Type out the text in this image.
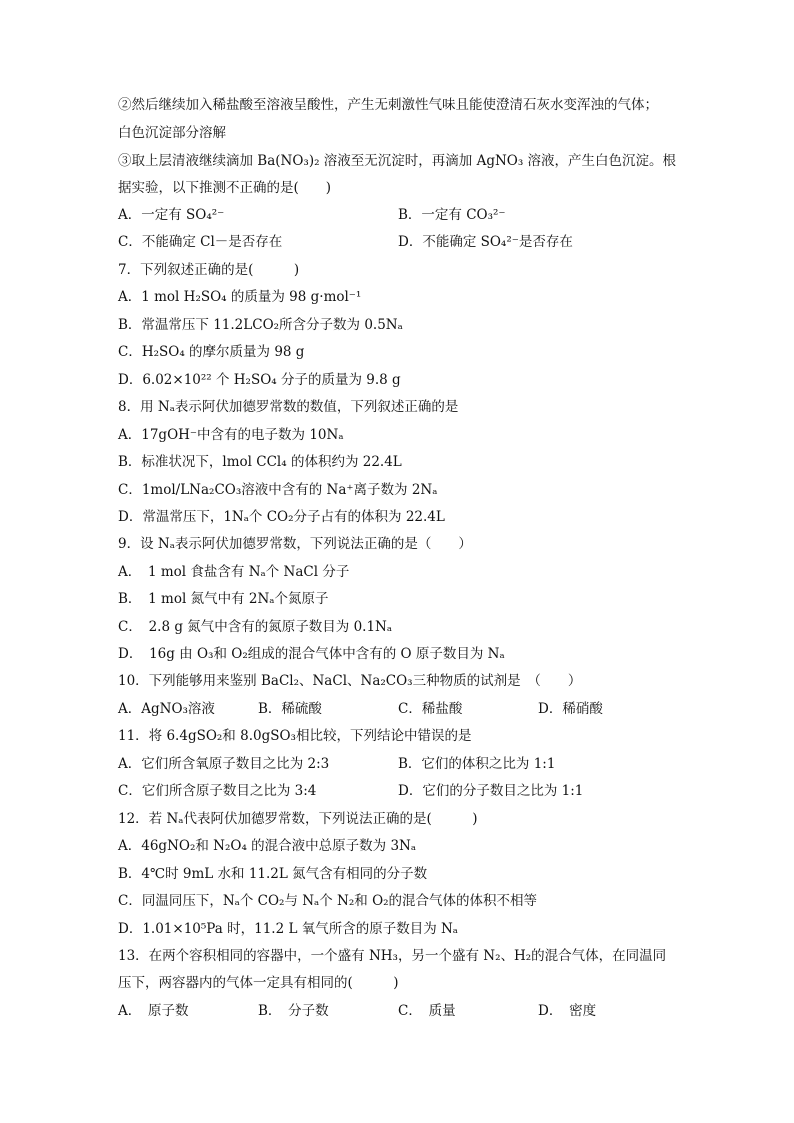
②然后继续加入稀盐酸至溶液呈酸性，产生无刺激性气味且能使澄清石灰水变浑浊的气体；
白色沉淀部分溶解
③取上层清液继续滴加 Ba(NO₃)₂ 溶液至无沉淀时，再滴加 AgNO₃ 溶液，产生白色沉淀。根
据实验，以下推测不正确的是(　　)
A．一定有 SO₄²⁻	B．一定有 CO₃²⁻
C．不能确定 Cl－是否存在	D．不能确定 SO₄²⁻是否存在
7．下列叙述正确的是(　　　)
A．1 mol H₂SO₄ 的质量为 98 g·mol⁻¹
B．常温常压下 11.2LCO₂所含分子数为 0.5Nₐ
C．H₂SO₄ 的摩尔质量为 98 g
D．6.02×10²² 个 H₂SO₄ 分子的质量为 9.8 g
8．用 Nₐ表示阿伏加德罗常数的数值，下列叙述正确的是
A．17gOH⁻中含有的电子数为 10Nₐ
B．标准状况下，lmol CCl₄ 的体积约为 22.4L
C．1mol/LNa₂CO₃溶液中含有的 Na⁺离子数为 2Nₐ
D．常温常压下，1Nₐ个 CO₂分子占有的体积为 22.4L
9．设 Nₐ表示阿伏加德罗常数，下列说法正确的是（　　）
A．　1 mol 食盐含有 Nₐ个 NaCl 分子
B．　1 mol 氮气中有 2Nₐ个氮原子
C．　2.8 g 氮气中含有的氮原子数目为 0.1Nₐ
D．　16g 由 O₃和 O₂组成的混合气体中含有的 O 原子数目为 Nₐ
10．下列能够用来鉴别 BaCl₂、NaCl、Na₂CO₃三种物质的试剂是　（　　）
A．AgNO₃溶液	B．稀硫酸	C．稀盐酸	D．稀硝酸
11．将 6.4gSO₂和 8.0gSO₃相比较，下列结论中错误的是
A．它们所含氧原子数目之比为 2:3	B．它们的体积之比为 1:1
C．它们所含原子数目之比为 3:4	D．它们的分子数目之比为 1:1
12．若 Nₐ代表阿伏加德罗常数，下列说法正确的是(　　　)
A．46gNO₂和 N₂O₄ 的混合液中总原子数为 3Nₐ
B．4℃时 9mL 水和 11.2L 氮气含有相同的分子数
C．同温同压下，Nₐ个 CO₂与 Nₐ个 N₂和 O₂的混合气体的体积不相等
D．1.01×10⁵Pa 时，11.2 L 氧气所含的原子数目为 Nₐ
13．在两个容积相同的容器中，一个盛有 NH₃，另一个盛有 N₂、H₂的混合气体，在同温同
压下，两容器内的气体一定具有相同的(　　　)
A．　原子数	B．　分子数	C．　质量	D．　密度
